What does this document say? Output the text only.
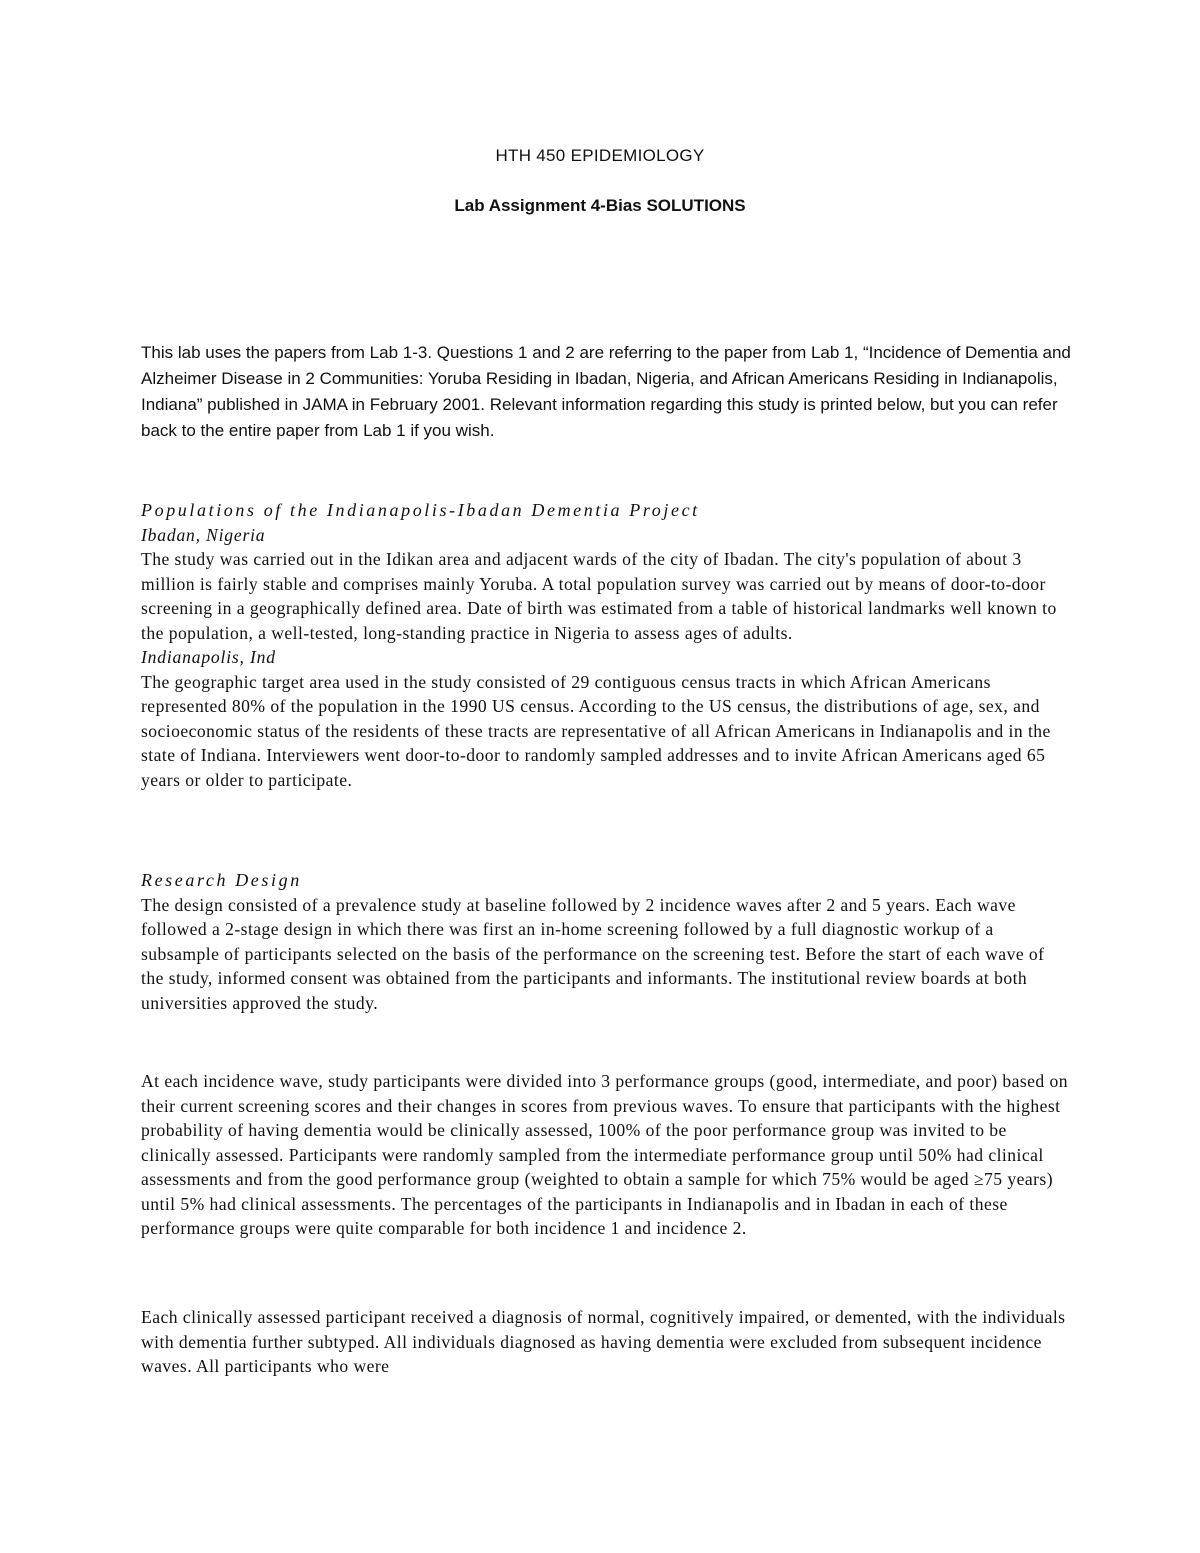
HTH 450 EPIDEMIOLOGY
Lab Assignment 4-Bias SOLUTIONS

This lab uses the papers from Lab 1-3. Questions 1 and 2 are referring to the paper from Lab 1, “Incidence of Dementia and Alzheimer Disease in 2 Communities: Yoruba Residing in Ibadan, Nigeria, and African Americans Residing in Indianapolis, Indiana” published in JAMA in February 2001. Relevant information regarding this study is printed below, but you can refer back to the entire paper from Lab 1 if you wish.

Populations of the Indianapolis-Ibadan Dementia Project

Ibadan, Nigeria

The study was carried out in the Idikan area and adjacent wards of the city of Ibadan. The city's population of about 3 million is fairly stable and comprises mainly Yoruba. A total population survey was carried out by means of door-to-door screening in a geographically defined area. Date of birth was estimated from a table of historical landmarks well known to the population, a well-tested, long-standing practice in Nigeria to assess ages of adults.

Indianapolis, Ind

The geographic target area used in the study consisted of 29 contiguous census tracts in which African Americans represented 80% of the population in the 1990 US census. According to the US census, the distributions of age, sex, and socioeconomic status of the residents of these tracts are representative of all African Americans in Indianapolis and in the state of Indiana. Interviewers went door-to-door to randomly sampled addresses and to invite African Americans aged 65 years or older to participate.

Research Design

The design consisted of a prevalence study at baseline followed by 2 incidence waves after 2 and 5 years. Each wave followed a 2-stage design in which there was first an in-home screening followed by a full diagnostic workup of a subsample of participants selected on the basis of the performance on the screening test. Before the start of each wave of the study, informed consent was obtained from the participants and informants. The institutional review boards at both universities approved the study.

At each incidence wave, study participants were divided into 3 performance groups (good, intermediate, and poor) based on their current screening scores and their changes in scores from previous waves. To ensure that participants with the highest probability of having dementia would be clinically assessed, 100% of the poor performance group was invited to be clinically assessed. Participants were randomly sampled from the intermediate performance group until 50% had clinical assessments and from the good performance group (weighted to obtain a sample for which 75% would be aged ≥75 years) until 5% had clinical assessments. The percentages of the participants in Indianapolis and in Ibadan in each of these performance groups were quite comparable for both incidence 1 and incidence 2.

Each clinically assessed participant received a diagnosis of normal, cognitively impaired, or demented, with the individuals with dementia further subtyped. All individuals diagnosed as having dementia were excluded from subsequent incidence waves. All participants who were
